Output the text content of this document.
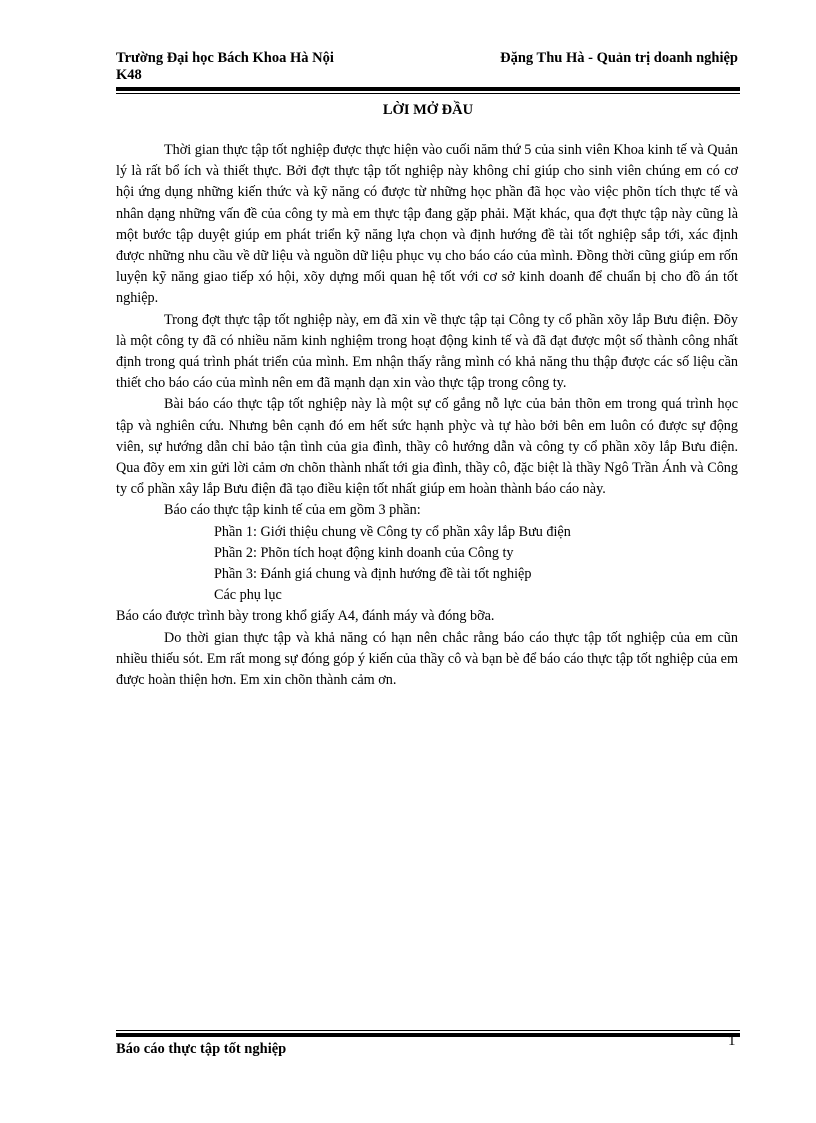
Trường Đại học Bách Khoa Hà Nội
K48
Đặng Thu Hà - Quản trị doanh nghiệp
LỜI MỞ ĐẦU

Thời gian thực tập tốt nghiệp được thực hiện vào cuối năm thứ 5 của sinh viên Khoa kinh tế và Quản lý là rất bổ ích và thiết thực. Bởi đợt thực tập tốt nghiệp này không chỉ giúp cho sinh viên chúng em có cơ hội ứng dụng những kiến thức và kỹ năng có được từ những học phần đã học vào việc phõn tích thực tế và nhân dạng những vấn đề của công ty mà em thực tập đang gặp phải. Mặt khác, qua đợt thực tập này cũng là một bước tập duyệt giúp em phát triển kỹ năng lựa chọn và định hướng đề tài tốt nghiệp sắp tới, xác định được những nhu cầu về dữ liệu và nguồn dữ liệu phục vụ cho báo cáo của mình. Đồng thời cũng giúp em rốn luyện kỹ năng giao tiếp xó hội, xõy dựng mối quan hệ tốt với cơ sở kinh doanh để chuẩn bị cho đồ án tốt nghiệp.

Trong đợt thực tập tốt nghiệp này, em đã xin về thực tập tại Công ty cổ phần xõy lắp Bưu điện. Đõy là một công ty đã có nhiều năm kinh nghiệm trong hoạt động kinh tế và đã đạt được một số thành công nhất định trong quá trình phát triển của mình. Em nhận thấy rằng mình có khả năng thu thập được các số liệu cần thiết cho báo cáo của mình nên em đã mạnh dạn xin vào thực tập trong công ty.

Bài báo cáo thực tập tốt nghiệp này là một sự cố gắng nỗ lực của bản thõn em trong quá trình học tập và nghiên cứu. Nhưng bên cạnh đó em hết sức hạnh phỳc và tự hào bởi bên em luôn có được sự động viên, sự hướng dẫn chỉ bảo tận tình của gia đình, thầy cô hướng dẫn và công ty cổ phần xõy lắp Bưu điện. Qua đõy em xin gửi lời cảm ơn chõn thành nhất tới gia đình, thầy cô, đặc biệt là thầy Ngô Trần Ánh và Công ty cổ phần xây lắp Bưu điện đã tạo điều kiện tốt nhất giúp em hoàn thành báo cáo này.

Báo cáo thực tập kinh tế của em gồm 3 phần:

Phần 1: Giới thiệu chung về Công ty cổ phần xây lắp Bưu điện

Phần 2: Phõn tích hoạt động kinh doanh của Công ty

Phần 3: Đánh giá chung và định hướng đề tài tốt nghiệp

Các phụ lục

Báo cáo được trình bày trong khổ giấy A4, đánh máy và đóng bỡa.

Do thời gian thực tập và khả năng có hạn nên chắc rằng báo cáo thực tập tốt nghiệp của em cũn nhiều thiếu sót. Em rất mong sự đóng góp ý kiến của thầy cô và bạn bè để báo cáo thực tập tốt nghiệp của em được hoàn thiện hơn. Em xin chõn thành cảm ơn.

Báo cáo thực tập tốt nghiệp	1
